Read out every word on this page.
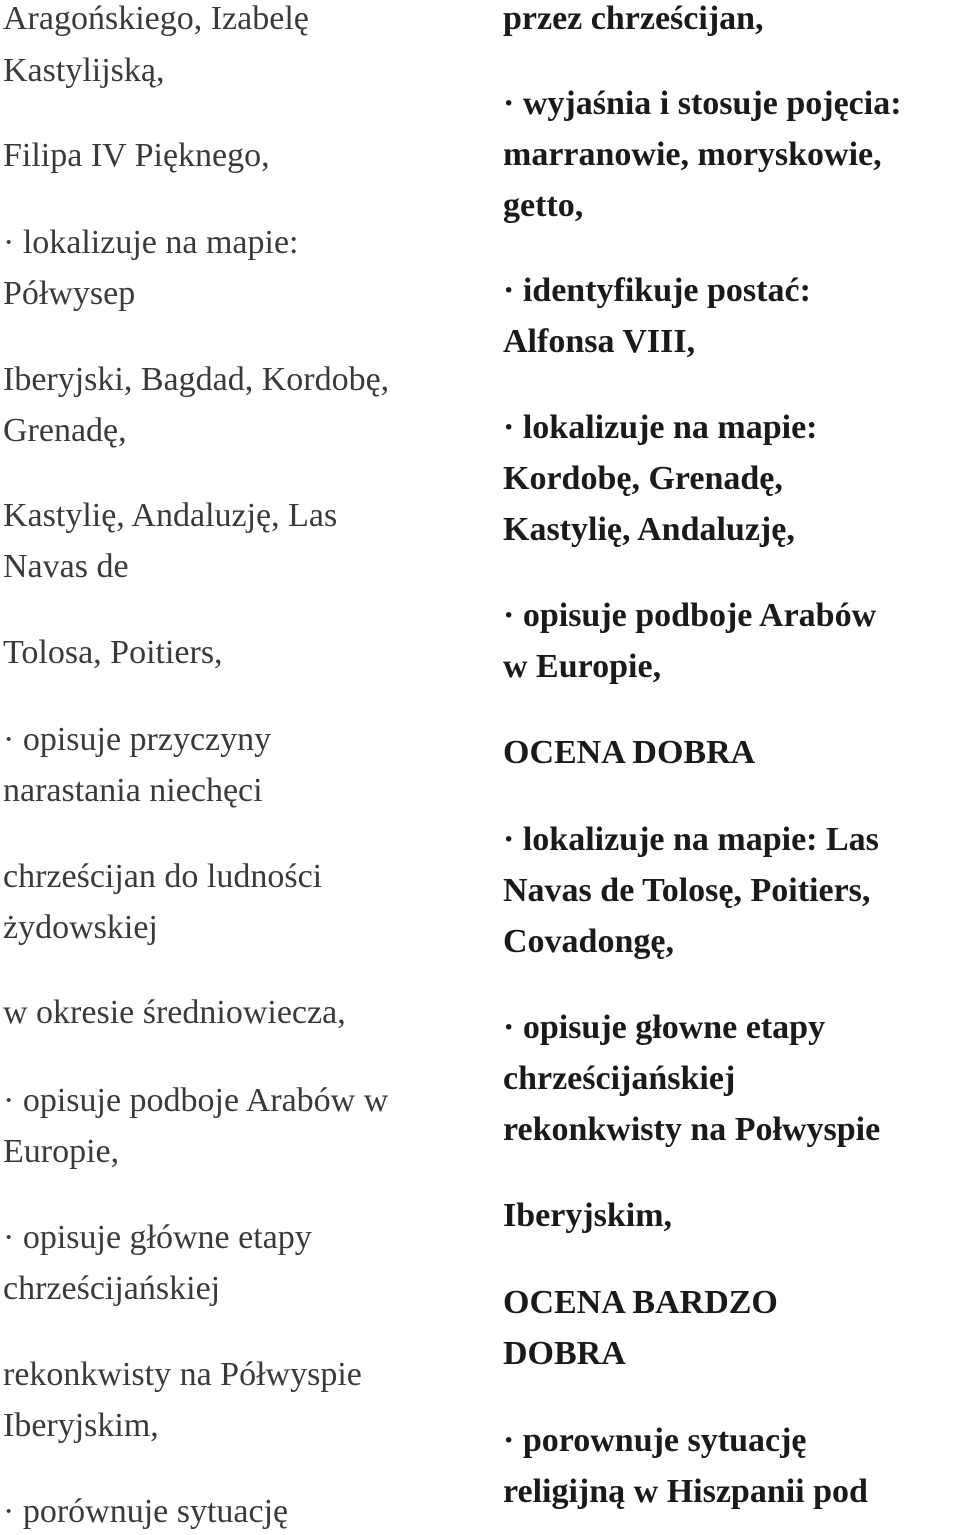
Aragońskiego, Izabelę
Kastylijską,
Filipa IV Pięknego,
· lokalizuje na mapie:
Półwysep
Iberyjski, Bagdad, Kordobę,
Grenadę,
Kastylię, Andaluzję, Las
Navas de
Tolosa, Poitiers,
· opisuje przyczyny
narastania niechęci
chrześcijan do ludności
żydowskiej
w okresie średniowiecza,
· opisuje podboje Arabów w
Europie,
· opisuje główne etapy
chrześcijańskiej
rekonkwisty na Półwyspie
Iberyjskim,
· porównuje sytuację
przez chrześcijan,
· wyjaśnia i stosuje pojęcia:
marranowie, moryskowie,
getto,
· identyfikuje postać:
Alfonsa VIII,
· lokalizuje na mapie:
Kordobę, Grenadę,
Kastylię, Andaluzję,
· opisuje podboje Arabów
w Europie,
OCENA DOBRA
· lokalizuje na mapie: Las
Navas de Tolosę, Poitiers,
Covadongę,
· opisuje głowne etapy
chrześcijańskiej
rekonkwisty na Połwyspie
Iberyjskim,
OCENA BARDZO
DOBRA
· porownuje sytuację
religijną w Hiszpanii pod
